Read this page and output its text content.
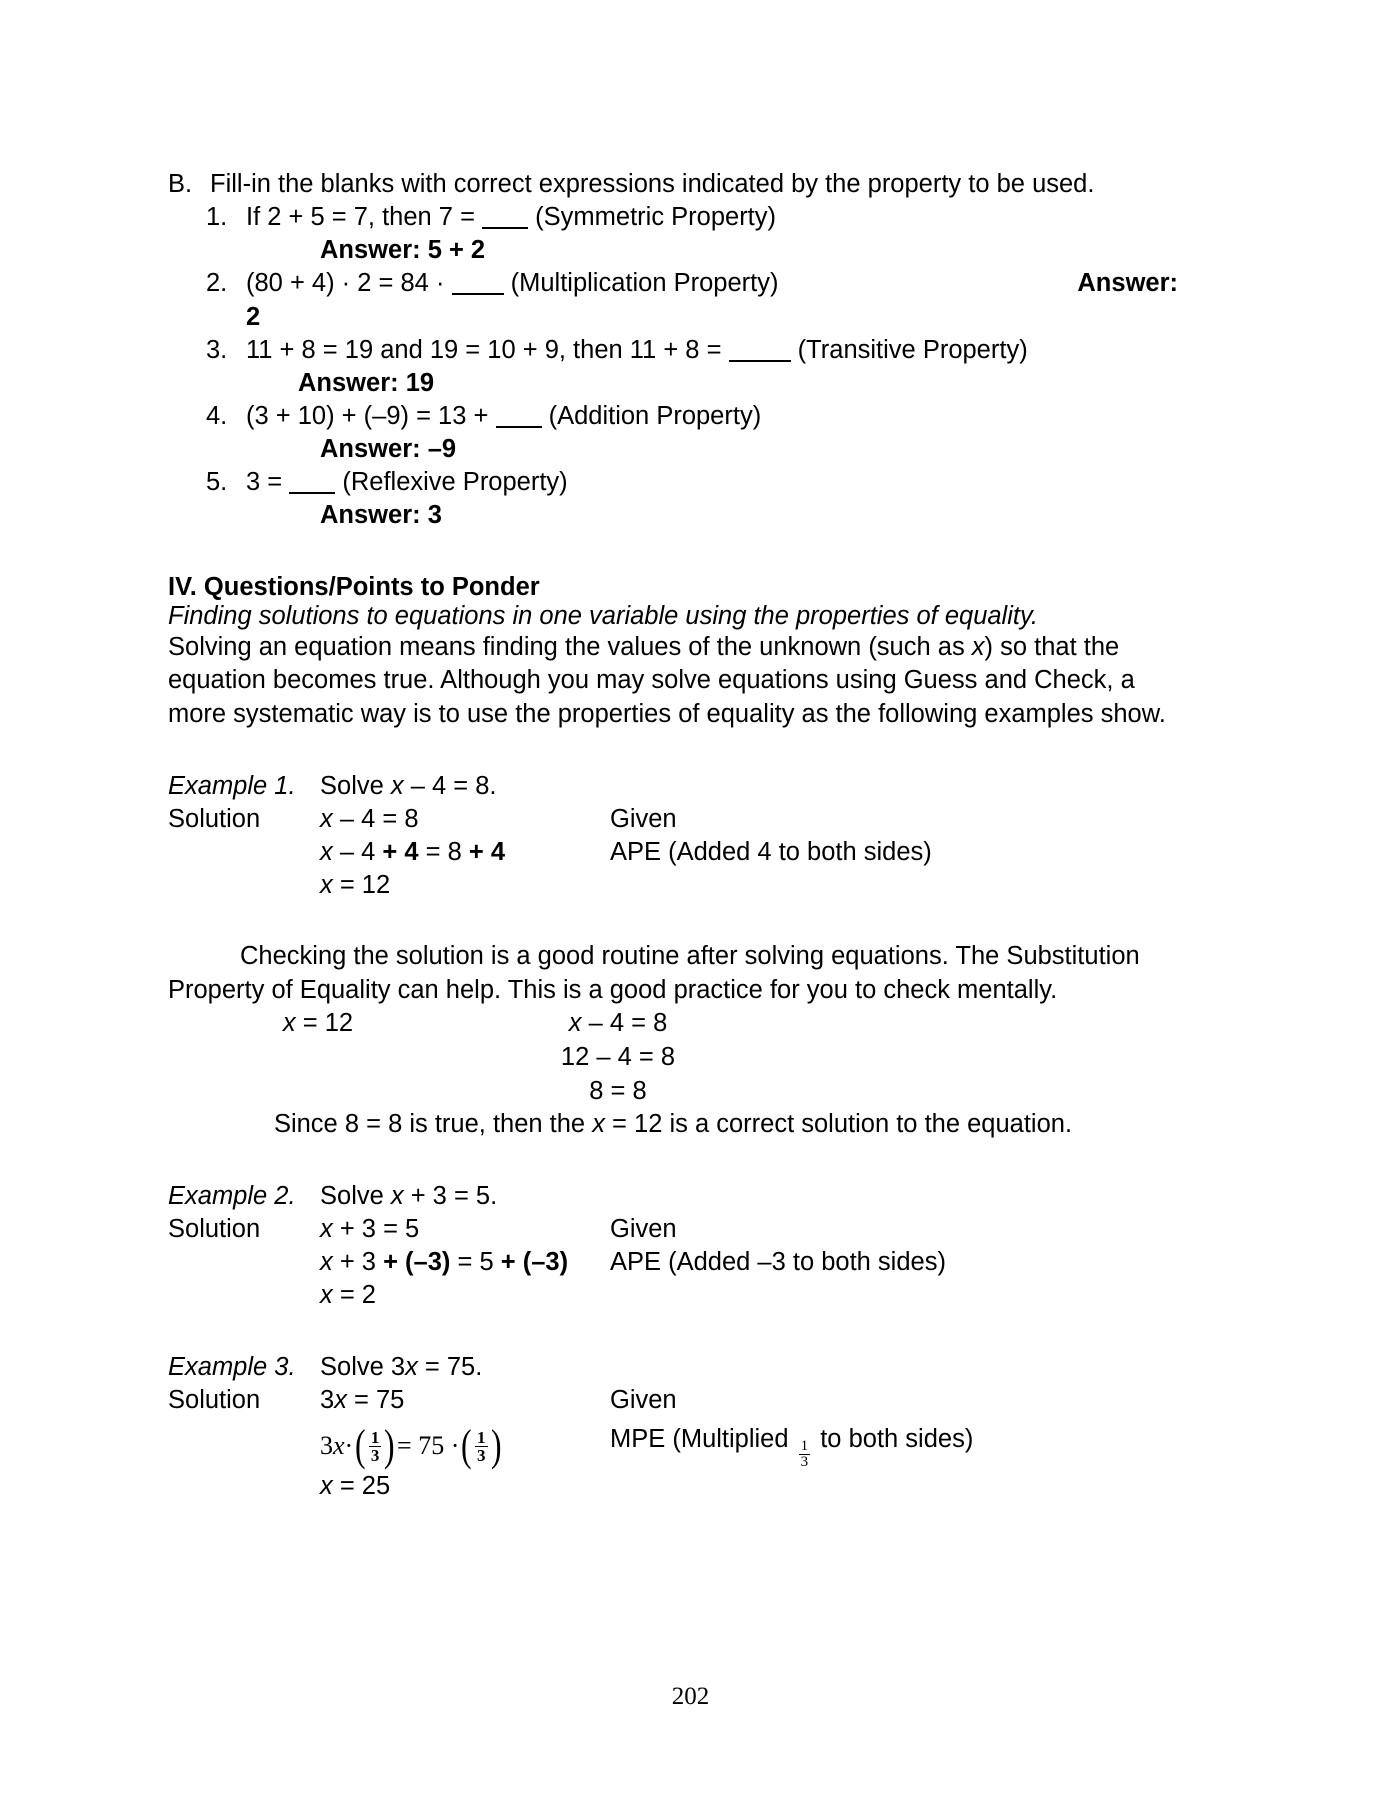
B. Fill-in the blanks with correct expressions indicated by the property to be used.
1. If 2 + 5 = 7, then 7 = (Symmetric Property)
Answer: 5 + 2
2.	Answer:
(80 + 4) · 2 = 84 ·	(Multiplication Property)
2
3. 11 + 8 = 19 and 19 = 10 + 9, then 11 + 8 =	(Transitive Property) Answer: 19
4. (3 + 10) + (–9) = 13 + (Addition Property)
Answer: –9
5. 3 = (Reflexive Property)
Answer: 3
IV. Questions/Points to Ponder
Finding solutions to equations in one variable using the properties of equality.
Solving an equation means finding the values of the unknown (such as x) so that the equation becomes true. Although you may solve equations using Guess and Check, a more systematic way is to use the properties of equality as the following examples show.
Example 1. Solve x – 4 = 8.
Solution	x – 4 = 8	Given
x – 4 + 4 = 8 + 4	APE (Added 4 to both sides)
x = 12
Checking the solution is a good routine after solving equations. The Substitution Property of Equality can help. This is a good practice for you to check mentally.
x = 12	x – 4 = 8
12 – 4 = 8
8 = 8
Since 8 = 8 is true, then the x = 12 is a correct solution to the equation.
Example 2. Solve x + 3 = 5.
Solution	x + 3 = 5	Given
x + 3 + (–3) = 5 + (–3)	APE (Added –3 to both sides)
x = 2
Example 3. Solve 3x = 75.
Solution	3x = 75	Given
3 x · ( $\frac{1}{3}$ ) = 75 · ( $\frac{1}{3}$ )	MPE (Multiplied $\frac{1}{3}$ to both sides)
x = 25
202
